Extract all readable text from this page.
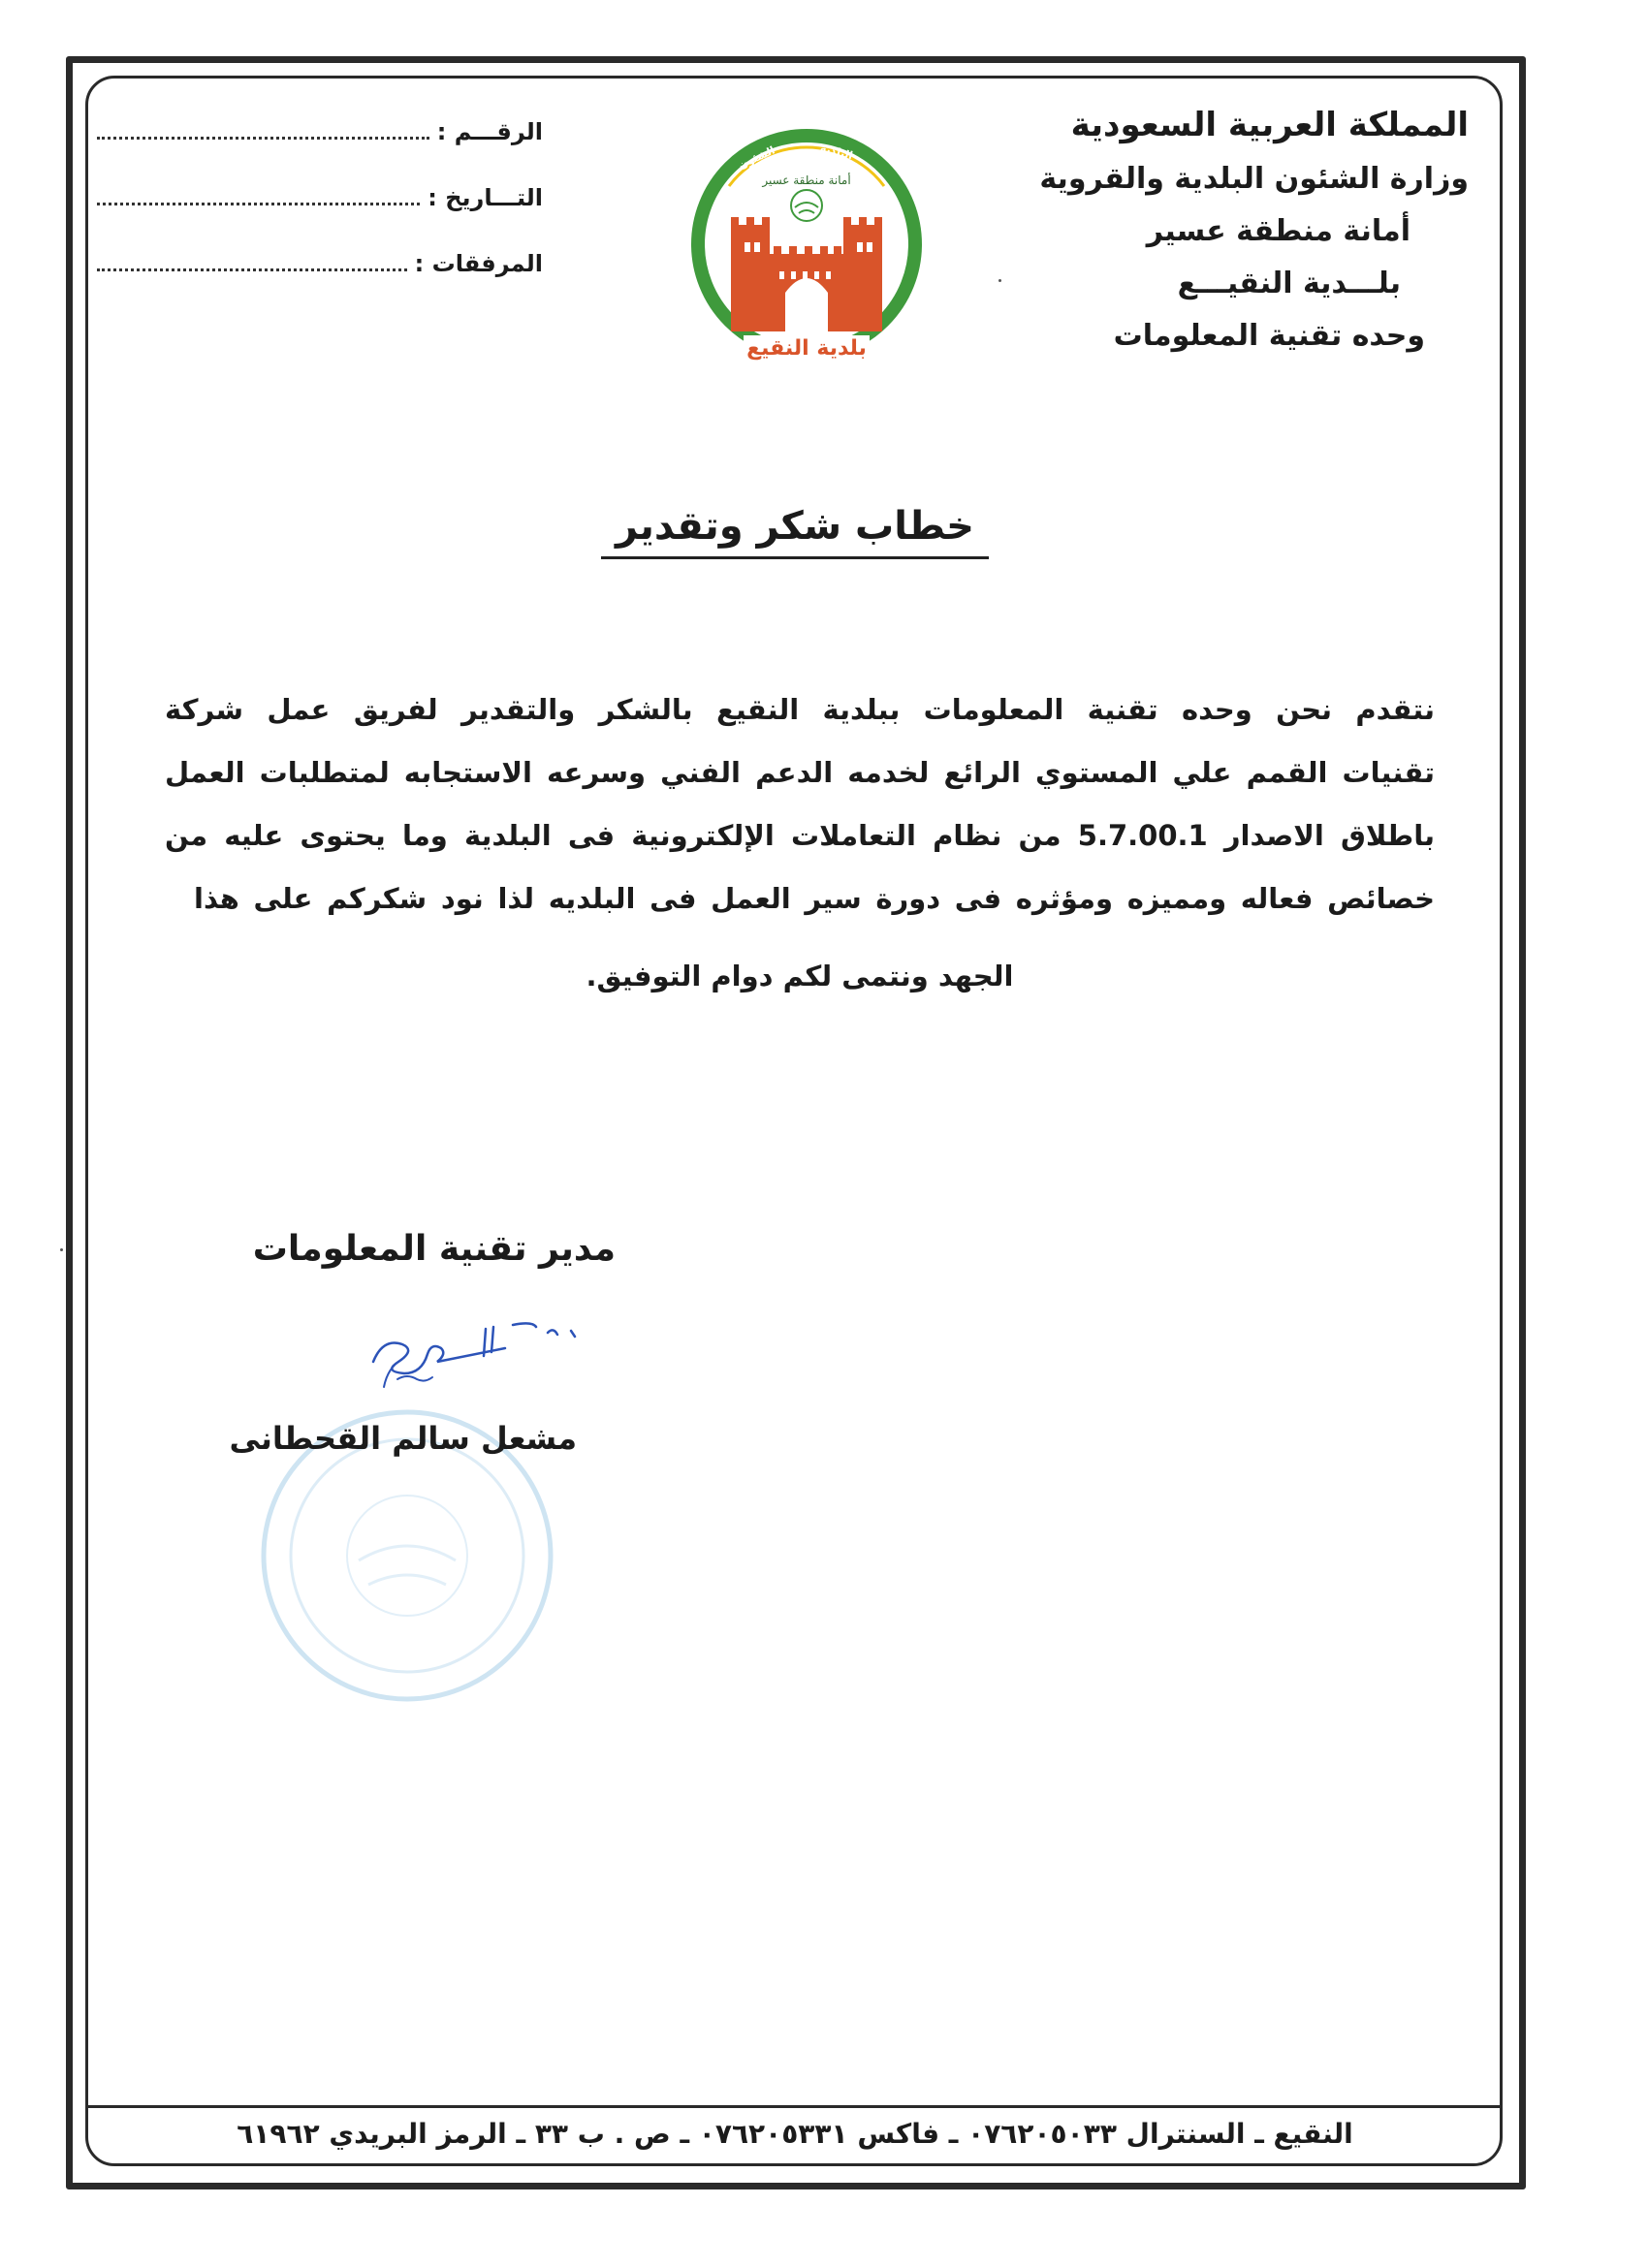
المملكة العربية السعودية
وزارة الشئون البلدية والقروية
أمانة منطقة عسير
بلـــدية النقيـــع
وحده تقنية المعلومات
الرقـــم :
التـــاريخ :
المرفقات :
الشئون	البلدية
وزارة
والقروية
أمانة منطقة عسير
بلدية النقيع
خطاب شكر وتقدير
نتقدم نحن وحده تقنية المعلومات ببلدية النقيع بالشكر والتقدير لفريق عمل شركة
تقنيات القمم علي المستوي الرائع لخدمه الدعم الفني وسرعه الاستجابه لمتطلبات العمل
باطلاق الاصدار 5.7.00.1 من نظام التعاملات الإلكترونية فى البلدية وما يحتوى عليه من
خصائص فعاله ومميزه ومؤثره فى دورة سير العمل فى البلديه لذا نود شكركم على هذا
الجهد ونتمى لكم دوام التوفيق.
مدير تقنية المعلومات
مشعل سالم القحطانى
النقيع ـ السنترال ٠٧٦٢٠٥٠٣٣ ـ فاكس ٠٧٦٢٠٥٣٣١ ـ ص . ب ٣٣ ـ الرمز البريدي ٦١٩٦٢
